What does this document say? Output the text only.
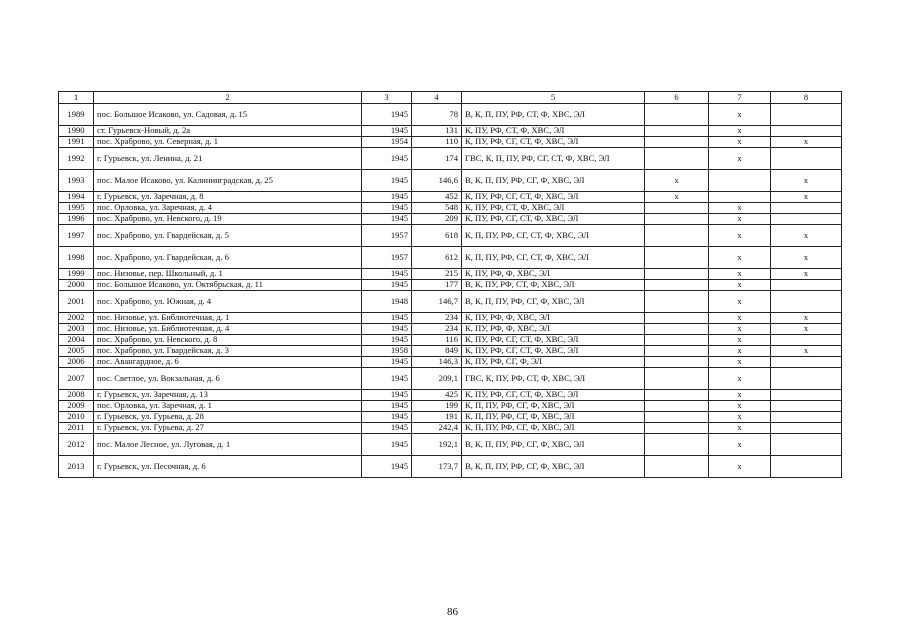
1	2	3	4	5	6	7	8
1989	пос. Большое Исаково, ул. Садовая, д. 15	1945	78	В, К, П, ПУ, РФ, СТ, Ф, ХВС, ЭЛ		х	
1990	ст. Гурьевск-Новый, д. 2а	1945	131	К, ПУ, РФ, СТ, Ф, ХВС, ЭЛ		х	
1991	пос. Храброво, ул. Северная, д. 1	1954	110	К, ПУ, РФ, СГ, СТ, Ф, ХВС, ЭЛ		х	х
1992	г. Гурьевск, ул. Ленина, д. 21	1945	174	ГВС, К, П, ПУ, РФ, СГ, СТ, Ф, ХВС, ЭЛ		х	
1993	пос. Малое Исаково, ул. Калининградская, д. 25	1945	146,6	В, К, П, ПУ, РФ, СГ, Ф, ХВС, ЭЛ	х		х
1994	г. Гурьевск, ул. Заречная, д. 8	1945	452	К, ПУ, РФ, СГ, СТ, Ф, ХВС, ЭЛ	х		х
1995	пос. Орловка, ул. Заречная, д. 4	1945	548	К, ПУ, РФ, СТ, Ф, ХВС, ЭЛ		х	
1996	пос. Храброво, ул. Невского, д. 19	1945	209	К, ПУ, РФ, СГ, СТ, Ф, ХВС, ЭЛ		х	
1997	пос. Храброво, ул. Гвардейская, д. 5	1957	618	К, П, ПУ, РФ, СГ, СТ, Ф, ХВС, ЭЛ		х	х
1998	пос. Храброво, ул. Гвардейская, д. 6	1957	612	К, П, ПУ, РФ, СГ, СТ, Ф, ХВС, ЭЛ		х	х
1999	пос. Низовье, пер. Школьный, д. 1	1945	215	К, ПУ, РФ, Ф, ХВС, ЭЛ		х	х
2000	пос. Большое Исаково, ул. Октябрьская, д. 11	1945	177	В, К, ПУ, РФ, СТ, Ф, ХВС, ЭЛ		х	
2001	пос. Храброво, ул. Южная, д. 4	1948	146,7	В, К, П, ПУ, РФ, СГ, Ф, ХВС, ЭЛ		х	
2002	пос. Низовье, ул. Библиотечная, д. 1	1945	234	К, ПУ, РФ, Ф, ХВС, ЭЛ		х	х
2003	пос. Низовье, ул. Библиотечная, д. 4	1945	234	К, ПУ, РФ, Ф, ХВС, ЭЛ		х	х
2004	пос. Храброво, ул. Невского, д. 8	1945	116	К, ПУ, РФ, СГ, СТ, Ф, ХВС, ЭЛ		х	
2005	пос. Храброво, ул. Гвардейская, д. 3	1958	849	К, ПУ, РФ, СГ, СТ, Ф, ХВС, ЭЛ		х	х
2006	пос. Авангардное, д. 6	1945	146,3	К, ПУ, РФ, СГ, Ф, ЭЛ		х	
2007	пос. Светлое, ул. Вокзальная, д. 6	1945	209,1	ГВС, К, ПУ, РФ, СТ, Ф, ХВС, ЭЛ		х	
2008	г. Гурьевск, ул. Заречная, д. 13	1945	425	К, ПУ, РФ, СГ, СТ, Ф, ХВС, ЭЛ		х	
2009	пос. Орловка, ул. Заречная, д. 1	1945	199	К, П, ПУ, РФ, СГ, Ф, ХВС, ЭЛ		х	
2010	г. Гурьевск, ул. Гурьева, д. 28	1945	191	К, П, ПУ, РФ, СГ, Ф, ХВС, ЭЛ		х	
2011	г. Гурьевск, ул. Гурьева, д. 27	1945	242,4	К, П, ПУ, РФ, СГ, Ф, ХВС, ЭЛ		х	
2012	пос. Малое Лесное, ул. Луговая, д. 1	1945	192,1	В, К, П, ПУ, РФ, СГ, Ф, ХВС, ЭЛ		х	
2013	г. Гурьевск, ул. Песочная, д. 6	1945	173,7	В, К, П, ПУ, РФ, СГ, Ф, ХВС, ЭЛ		х	
86
